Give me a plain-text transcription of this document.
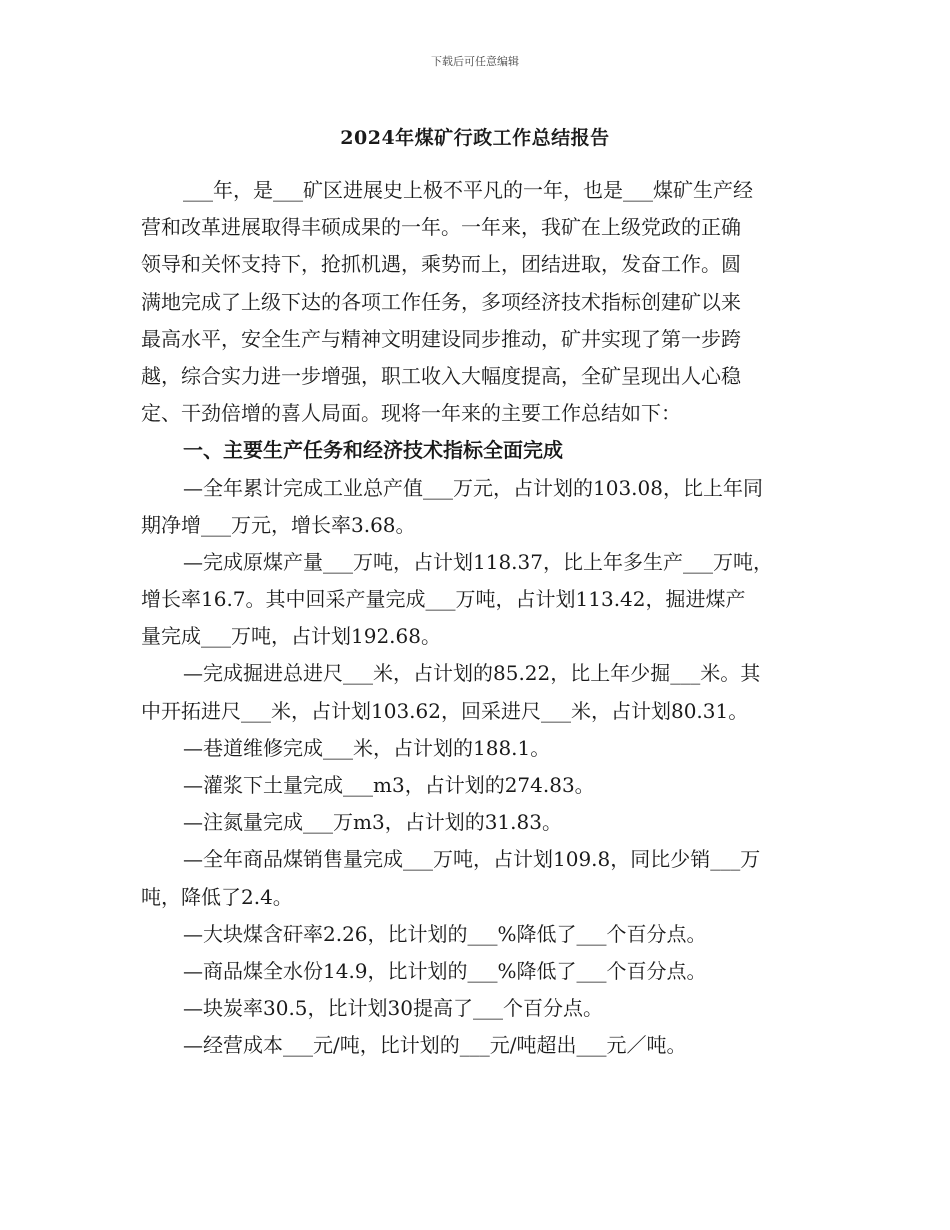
下载后可任意编辑
2024年煤矿行政工作总结报告
___年，是___矿区进展史上极不平凡的一年，也是___煤矿生产经
营和改革进展取得丰硕成果的一年。一年来，我矿在上级党政的正确
领导和关怀支持下，抢抓机遇，乘势而上，团结进取，发奋工作。圆
满地完成了上级下达的各项工作任务，多项经济技术指标创建矿以来
最高水平，安全生产与精神文明建设同步推动，矿井实现了第一步跨
越，综合实力进一步增强，职工收入大幅度提高，全矿呈现出人心稳
定、干劲倍增的喜人局面。现将一年来的主要工作总结如下：
一、主要生产任务和经济技术指标全面完成
—全年累计完成工业总产值___万元，占计划的103.08，比上年同
期净增___万元，增长率3.68。
—完成原煤产量___万吨，占计划118.37，比上年多生产___万吨，
增长率16.7。其中回采产量完成___万吨，占计划113.42，掘进煤产
量完成___万吨，占计划192.68。
—完成掘进总进尺___米，占计划的85.22，比上年少掘___米。其
中开拓进尺___米，占计划103.62，回采进尺___米，占计划80.31。
—巷道维修完成___米，占计划的188.1。
—灌浆下土量完成___m3，占计划的274.83。
—注氮量完成___万m3，占计划的31.83。
—全年商品煤销售量完成___万吨，占计划109.8，同比少销___万
吨，降低了2.4。
—大块煤含矸率2.26，比计划的___%降低了___个百分点。
—商品煤全水份14.9，比计划的___%降低了___个百分点。
—块炭率30.5，比计划30提高了___个百分点。
—经营成本___元/吨，比计划的___元/吨超出___元／吨。
